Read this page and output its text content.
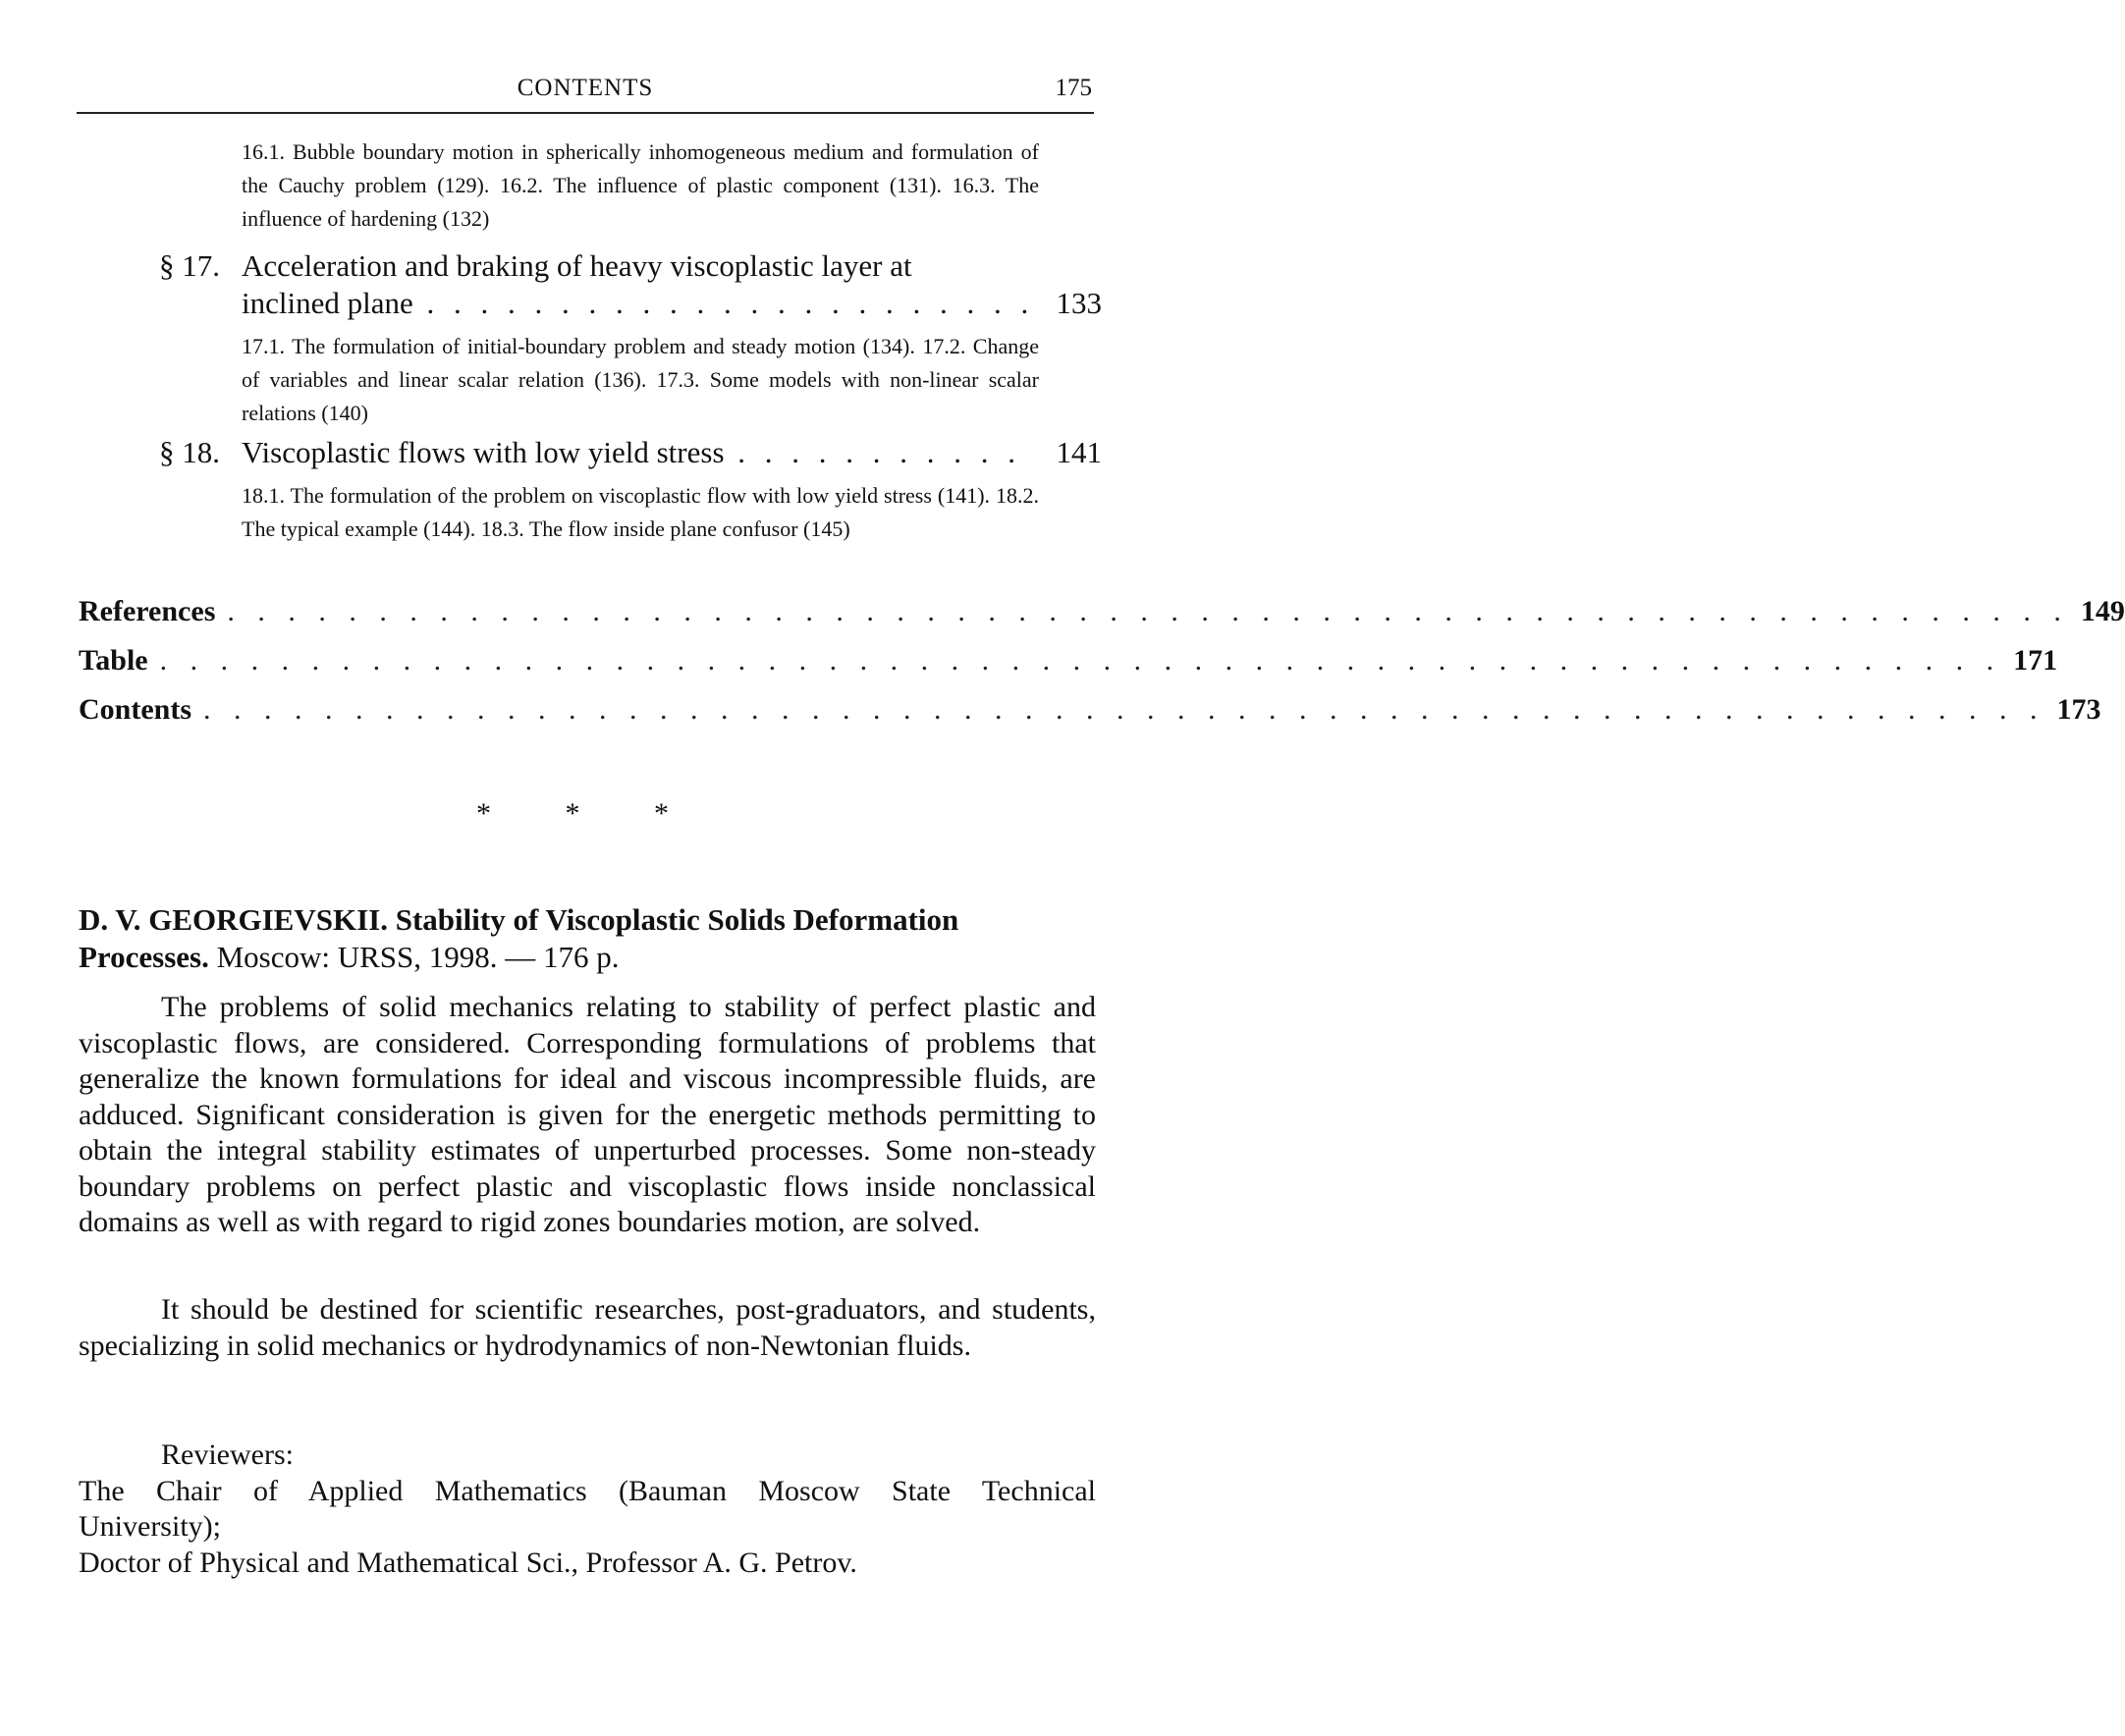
CONTENTS	175
16.1. Bubble boundary motion in spherically inhomogeneous medium and formulation of the Cauchy problem (129). 16.2. The influence of plastic component (131). 16.3. The influence of hardening (132)
§ 17. Acceleration and braking of heavy viscoplastic layer at
inclined plane . . . . . . . . . . . . . . . . . . . . . . . 133
17.1. The formulation of initial-boundary problem and steady motion (134). 17.2. Change of variables and linear scalar relation (136). 17.3. Some models with non-linear scalar relations (140)
§ 18. Viscoplastic flows with low yield stress . . . . . . . . . . .	141
18.1. The formulation of the problem on viscoplastic flow with low yield stress (141). 18.2. The typical example (144). 18.3. The flow inside plane confusor (145)
References . . . . . . . . . . . . . . . . . . . . . . . . . . . . . . . . . . . . . . . . . . . . . . . . . . . . . . . . . . . . . 149
Table . . . . . . . . . . . . . . . . . . . . . . . . . . . . . . . . . . . . . . . . . . . . . . . . . . . . . . . . . . . . . 171
Contents . . . . . . . . . . . . . . . . . . . . . . . . . . . . . . . . . . . . . . . . . . . . . . . . . . . . . . . . . . . . . 173
* * *
D. V. GEORGIEVSKII. Stability of Viscoplastic Solids Deformation Processes. Moscow: URSS, 1998. — 176 p.
The problems of solid mechanics relating to stability of perfect plastic and viscoplastic flows, are considered. Corresponding formulations of problems that generalize the known formulations for ideal and viscous incompressible fluids, are adduced. Significant consideration is given for the energetic methods permitting to obtain the integral stability estimates of unperturbed processes. Some non-steady boundary problems on perfect plastic and viscoplastic flows inside nonclassical domains as well as with regard to rigid zones boundaries motion, are solved.
It should be destined for scientific researches, post-graduators, and students, specializing in solid mechanics or hydrodynamics of non-Newtonian fluids.
Reviewers:
The Chair of Applied Mathematics (Bauman Moscow State Technical
University);
Doctor of Physical and Mathematical Sci., Professor A. G. Petrov.
